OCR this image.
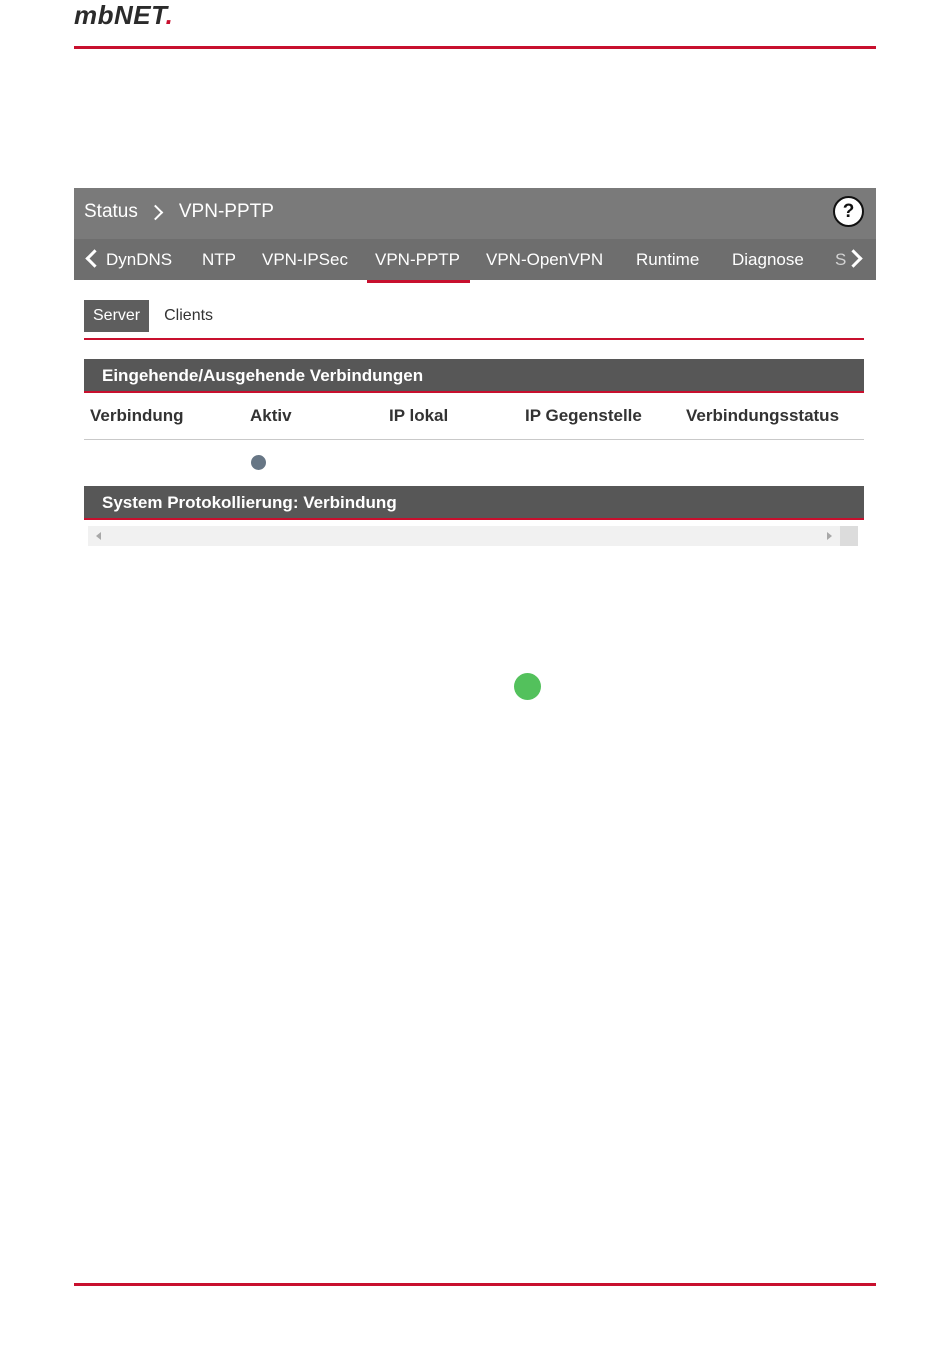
mbNET.
Status VPN-PPTP	?
DynDNS NTP VPN-IPSec VPN-PPTP VPN-OpenVPN Runtime Diagnose S
Server	Clients
Eingehende/Ausgehende Verbindungen
Verbindung	Aktiv	IP lokal	IP Gegenstelle	Verbindungsstatus
System Protokollierung: Verbindung
